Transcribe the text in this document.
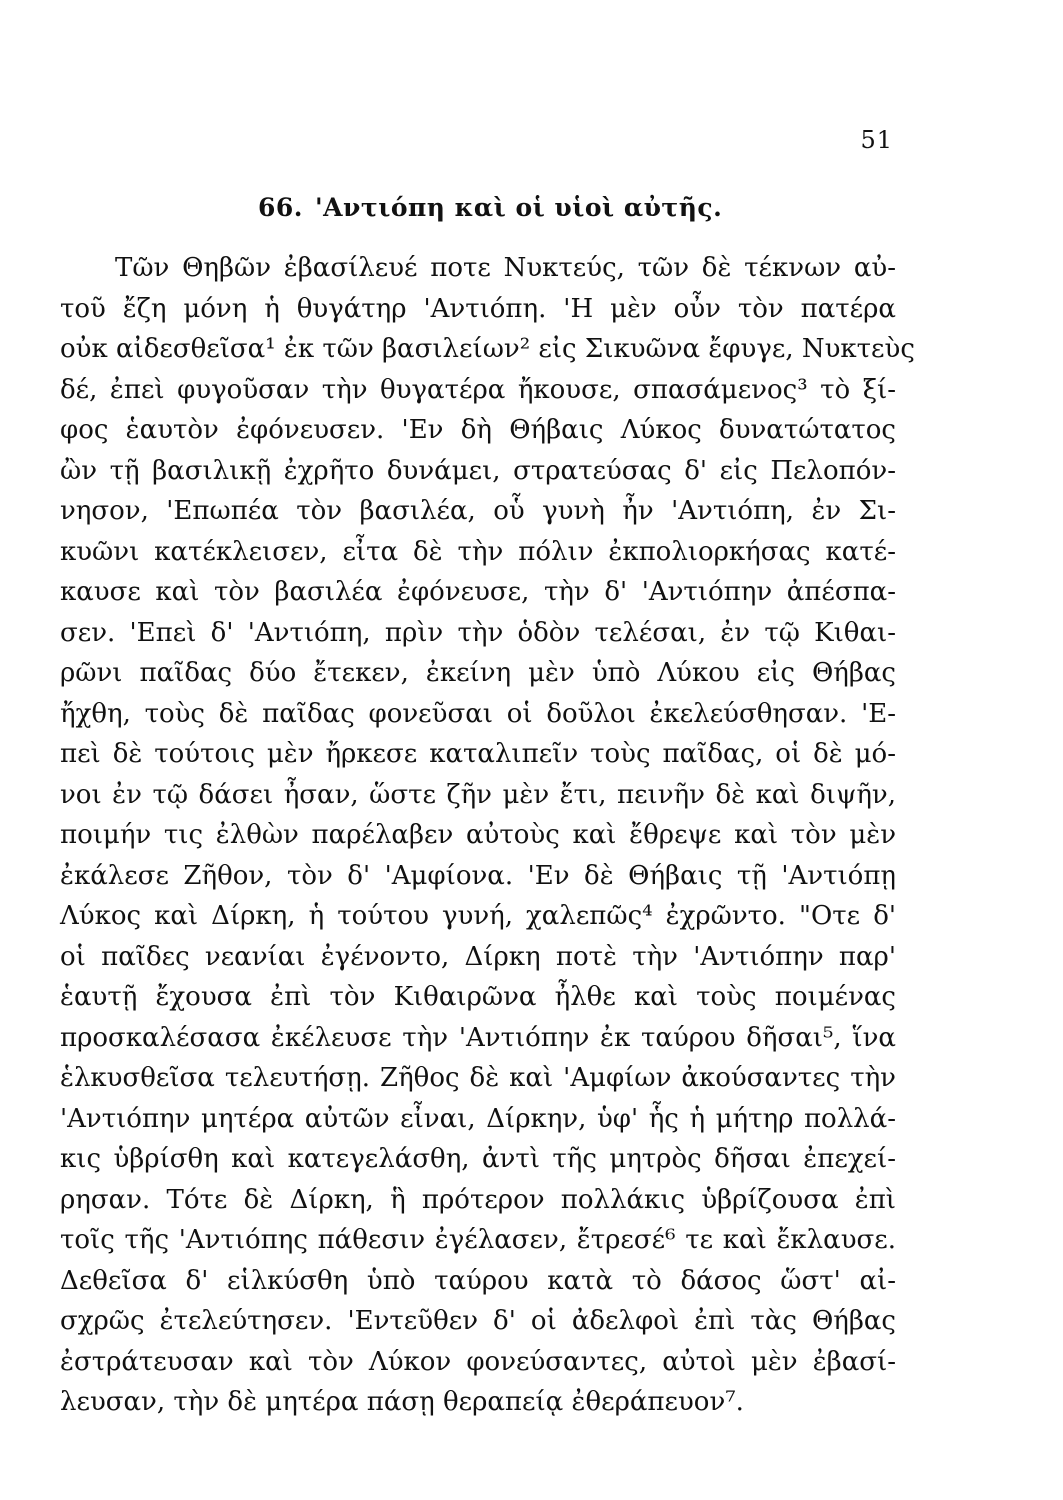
51
66. 'Αντιόπη καὶ οἱ υἱοὶ αὐτῆς.
Τῶν Θηβῶν ἐβασίλευέ ποτε Νυκτεύς, τῶν δὲ τέκνων αὐ-
τοῦ ἔζη μόνη ἡ θυγάτηρ 'Αντιόπη. 'Η μὲν οὖν τὸν πατέρα
οὐκ αἰδεσθεῖσα¹ ἐκ τῶν βασιλείων² εἰς Σικυῶνα ἔφυγε, Νυκτεὺς
δέ, ἐπεὶ φυγοῦσαν τὴν θυγατέρα ἤκουσε, σπασάμενος³ τὸ ξί-
φος ἑαυτὸν ἐφόνευσεν. 'Εν δὴ Θήβαις Λύκος δυνατώτατος
ὢν τῇ βασιλικῇ ἐχρῆτο δυνάμει, στρατεύσας δ' εἰς Πελοπόν-
νησον, 'Επωπέα τὸν βασιλέα, οὗ γυνὴ ἦν 'Αντιόπη, ἐν Σι-
κυῶνι κατέκλεισεν, εἶτα δὲ τὴν πόλιν ἐκπολιορκήσας κατέ-
καυσε καὶ τὸν βασιλέα ἐφόνευσε, τὴν δ' 'Αντιόπην ἀπέσπα-
σεν. 'Επεὶ δ' 'Αντιόπη, πρὶν τὴν ὁδὸν τελέσαι, ἐν τῷ Κιθαι-
ρῶνι παῖδας δύο ἔτεκεν, ἐκείνη μὲν ὑπὸ Λύκου εἰς Θήβας
ἤχθη, τοὺς δὲ παῖδας φονεῦσαι οἱ δοῦλοι ἐκελεύσθησαν. 'Ε-
πεὶ δὲ τούτοις μὲν ἤρκεσε καταλιπεῖν τοὺς παῖδας, οἱ δὲ μό-
νοι ἐν τῷ δάσει ἦσαν, ὥστε ζῆν μὲν ἔτι, πεινῆν δὲ καὶ διψῆν,
ποιμήν τις ἐλθὼν παρέλαβεν αὐτοὺς καὶ ἔθρεψε καὶ τὸν μὲν
ἐκάλεσε Ζῆθον, τὸν δ' 'Αμφίονα. 'Εν δὲ Θήβαις τῇ 'Αντιόπῃ
Λύκος καὶ Δίρκη, ἡ τούτου γυνή, χαλεπῶς⁴ ἐχρῶντο. "Οτε δ'
οἱ παῖδες νεανίαι ἐγένοντο, Δίρκη ποτὲ τὴν 'Αντιόπην παρ'
ἑαυτῇ ἔχουσα ἐπὶ τὸν Κιθαιρῶνα ἦλθε καὶ τοὺς ποιμένας
προσκαλέσασα ἐκέλευσε τὴν 'Αντιόπην ἐκ ταύρου δῆσαι⁵, ἵνα
ἑλκυσθεῖσα τελευτήσῃ. Ζῆθος δὲ καὶ 'Αμφίων ἀκούσαντες τὴν
'Αντιόπην μητέρα αὐτῶν εἶναι, Δίρκην, ὑφ' ἧς ἡ μήτηρ πολλά-
κις ὑβρίσθη καὶ κατεγελάσθη, ἀντὶ τῆς μητρὸς δῆσαι ἐπεχεί-
ρησαν. Τότε δὲ Δίρκη, ἣ πρότερον πολλάκις ὑβρίζουσα ἐπὶ
τοῖς τῆς 'Αντιόπης πάθεσιν ἐγέλασεν, ἔτρεσέ⁶ τε καὶ ἔκλαυσε.
Δεθεῖσα δ' εἱλκύσθη ὑπὸ ταύρου κατὰ τὸ δάσος ὥστ' αἰ-
σχρῶς ἐτελεύτησεν. 'Εντεῦθεν δ' οἱ ἀδελφοὶ ἐπὶ τὰς Θήβας
ἐστράτευσαν καὶ τὸν Λύκον φονεύσαντες, αὐτοὶ μὲν ἐβασί-
λευσαν, τὴν δὲ μητέρα πάσῃ θεραπείᾳ ἐθεράπευον⁷.
